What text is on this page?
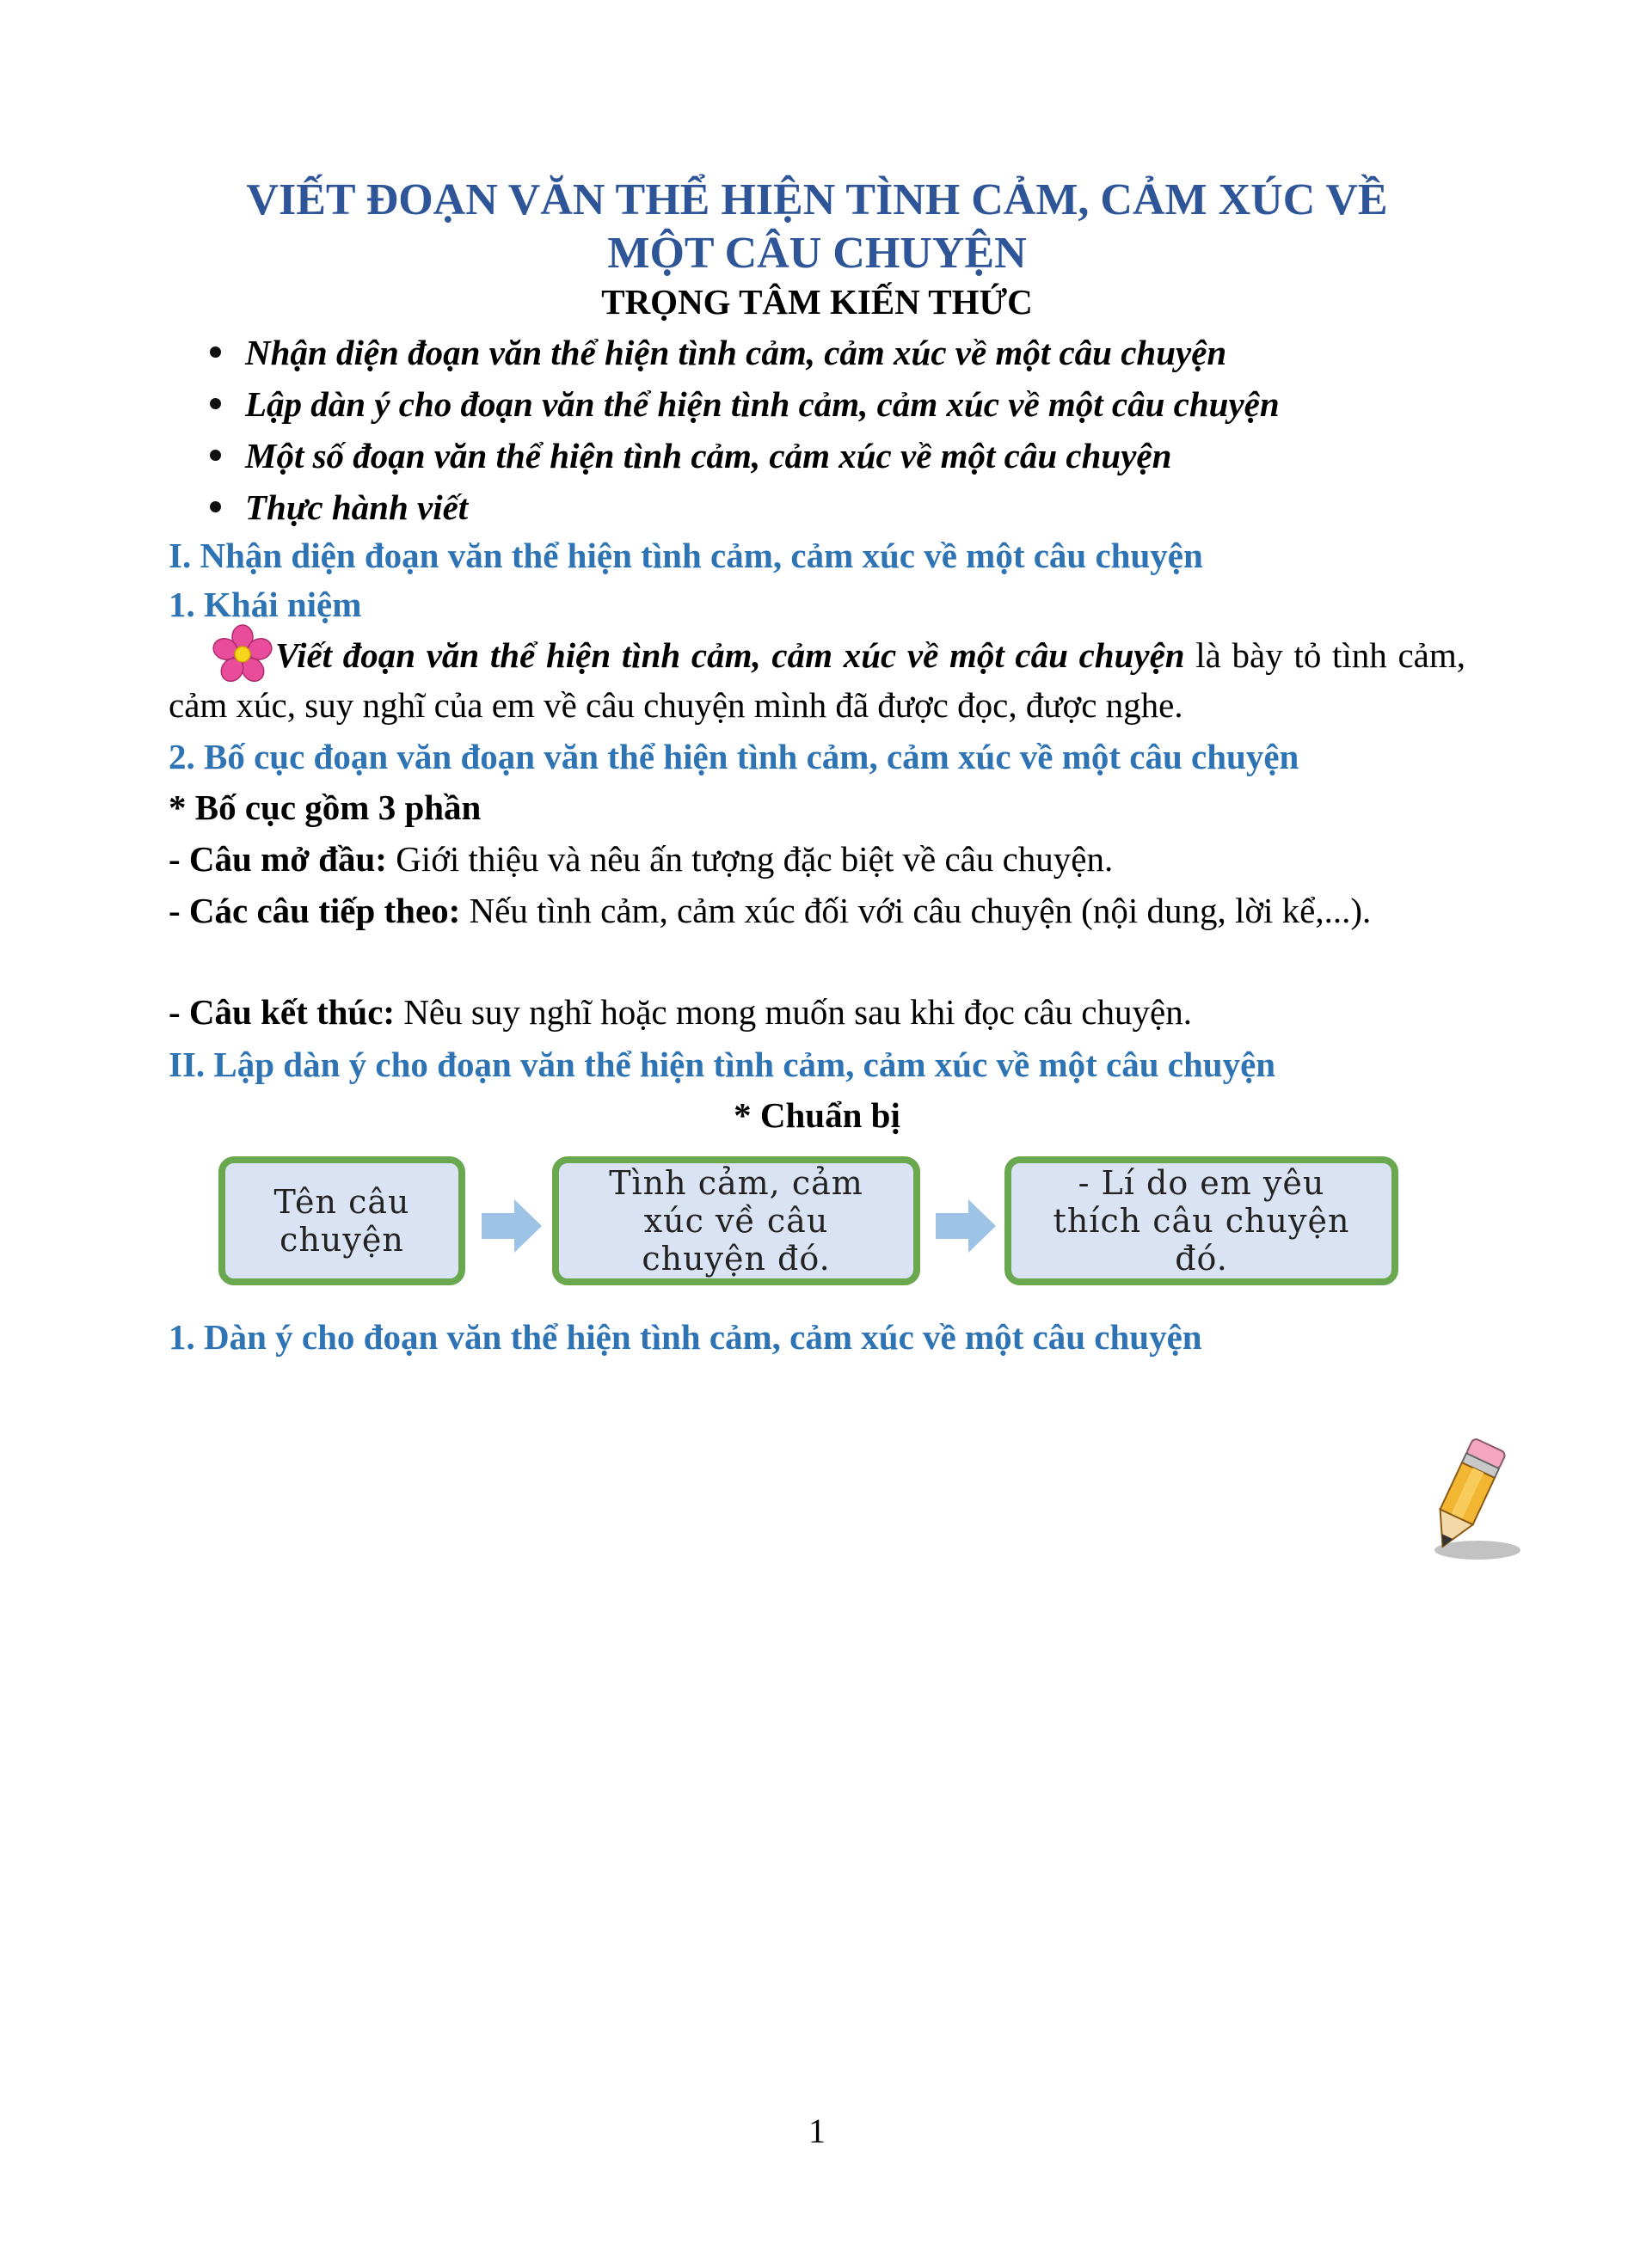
VIẾT ĐOẠN VĂN THỂ HIỆN TÌNH CẢM, CẢM XÚC VỀ
MỘT CÂU CHUYỆN
TRỌNG TÂM KIẾN THỨC
Nhận diện đoạn văn thể hiện tình cảm, cảm xúc về một câu chuyện
Lập dàn ý cho đoạn văn thể hiện tình cảm, cảm xúc về một câu chuyện
Một số đoạn văn thể hiện tình cảm, cảm xúc về một câu chuyện
Thực hành viết
I. Nhận diện đoạn văn thể hiện tình cảm, cảm xúc về một câu chuyện
1. Khái niệm

Viết đoạn văn thể hiện tình cảm, cảm xúc về một câu chuyện là bày tỏ tình cảm, cảm xúc, suy nghĩ của em về câu chuyện mình đã được đọc, được nghe.

2. Bố cục đoạn văn đoạn văn thể hiện tình cảm, cảm xúc về một câu chuyện

* Bố cục gồm 3 phần

- Câu mở đầu: Giới thiệu và nêu ấn tượng đặc biệt về câu chuyện.

- Các câu tiếp theo: Nếu tình cảm, cảm xúc đối với câu chuyện (nội dung, lời kể,...).

- Câu kết thúc: Nêu suy nghĩ hoặc mong muốn sau khi đọc câu chuyện.

II. Lập dàn ý cho đoạn văn thể hiện tình cảm, cảm xúc về một câu chuyện

* Chuẩn bị

Tên câu chuyện
Tình cảm, cảm xúc về câu chuyện đó.
- Lí do em yêu thích câu chuyện đó.
1. Dàn ý cho đoạn văn thể hiện tình cảm, cảm xúc về một câu chuyện
1
